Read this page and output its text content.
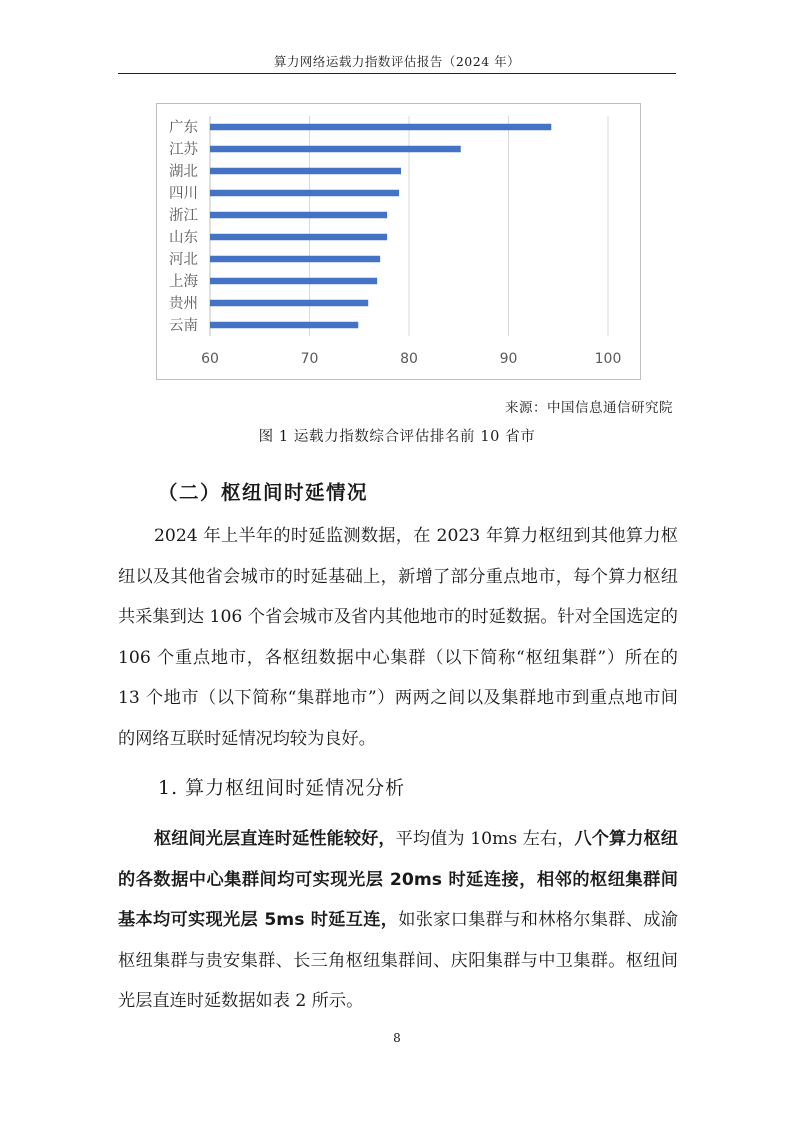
算力网络运载力指数评估报告（2024 年）
60	70	80	90	100
广东
江苏
湖北
四川
浙江
山东
河北
上海
贵州
云南
来源：中国信息通信研究院
图 1 运载力指数综合评估排名前 10 省市
（二）枢纽间时延情况
2024 年上半年的时延监测数据，在 2023 年算力枢纽到其他算力枢纽以及其他省会城市的时延基础上，新增了部分重点地市，每个算力枢纽共采集到达 106 个省会城市及省内其他地市的时延数据。针对全国选定的 106 个重点地市，各枢纽数据中心集群（以下简称“枢纽集群”）所在的 13 个地市（以下简称“集群地市”）两两之间以及集群地市到重点地市间的网络互联时延情况均较为良好。
1. 算力枢纽间时延情况分析
枢纽间光层直连时延性能较好，平均值为 10ms 左右，八个算力枢纽的各数据中心集群间均可实现光层 20ms 时延连接，相邻的枢纽集群间基本均可实现光层 5ms 时延互连，如张家口集群与和林格尔集群、成渝枢纽集群与贵安集群、长三角枢纽集群间、庆阳集群与中卫集群。枢纽间光层直连时延数据如表 2 所示。
8
